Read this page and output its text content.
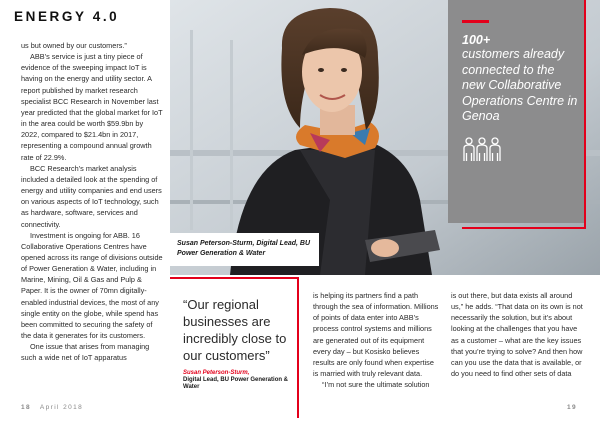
ENERGY 4.0

us but owned by our customers.”

ABB’s service is just a tiny piece of evidence of the sweeping impact IoT is having on the energy and utility sector. A report published by market research specialist BCC Research in November last year predicted that the global market for IoT in the area could be worth $59.9bn by 2022, compared to $21.4bn in 2017, representing a compound annual growth rate of 22.9%.

BCC Research’s market analysis included a detailed look at the spending of energy and utility companies and end users on various aspects of IoT technology, such as hardware, software, services and connectivity.

Investment is ongoing for ABB. 16 Collaborative Operations Centres have opened across its range of divisions outside of Power Generation & Water, including in Marine, Mining, Oil & Gas and Pulp & Paper. It is the owner of 70mn digitally-enabled industrial devices, the most of any single entity on the globe, while spend has been committed to securing the safety of the data it generates for its customers.

One issue that arises from managing such a wide net of IoT apparatus

Susan Peterson-Sturm, Digital Lead, BU Power Generation & Water
100+
customers already connected to the new Collaborative Operations Centre in Genoa
“Our regional businesses are incredibly close to our customers”
Susan Peterson-Sturm,
Digital Lead, BU Power Generation & Water

is helping its partners find a path through the sea of information. Millions of points of data enter into ABB’s process control systems and millions are generated out of its equipment every day – but Kosisko believes results are only found when expertise is married with truly relevant data.

“I’m not sure the ultimate solution

is out there, but data exists all around us,” he adds. “That data on its own is not necessarily the solution, but it’s about looking at the challenges that you have as a customer – what are the key issues that you’re trying to solve? And then how can you use the data that is available, or do you need to find other sets of data

18 April 2018	19
